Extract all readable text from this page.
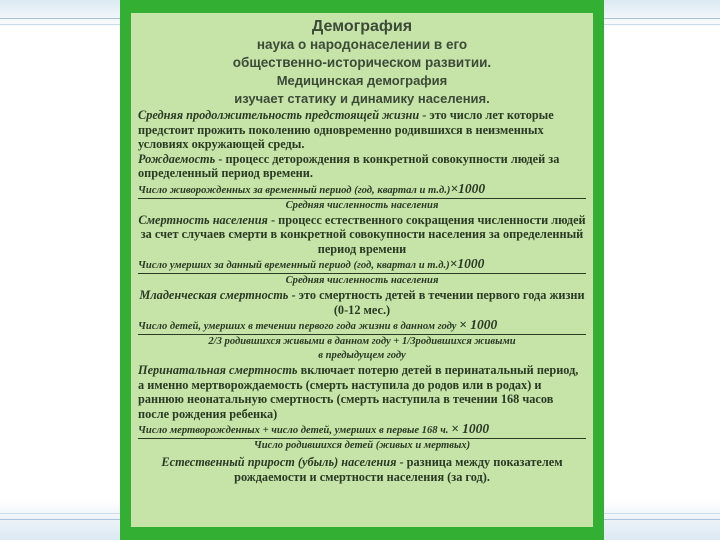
Демография
наука о народонаселении в его
общественно-историческом развитии.
Медицинская демография
изучает статику и динамику населения.

Средняя продолжительность предстоящей жизни - это число лет которые предстоит прожить поколению одновременно родившихся в неизменных условиях окружающей среды.

Рождаемость - процесс деторождения в конкретной совокупности людей за определенный период времени.

Число живорожденных за временный период (год, квартал и т.д.)×1000
Средняя численность населения

Смертность населения - процесс естественного сокращения численности людей за счет случаев смерти в конкретной совокупности населения за определенный период времени

Число умерших за данный временный период (год, квартал и т.д.)×1000
Средняя численность населения

Младенческая смертность - это смертность детей в течении первого года жизни (0-12 мес.)

Число детей, умерших в течении первого года жизни в данном году × 1000
2/3 родившихся живыми в данном году + 1/3родившихся живыми
в предыдущем году

Перинатальная смертность включает потерю детей в перинатальный период, а именно мертворождаемость (смерть наступила до родов или в родах) и раннюю неонатальную смертность (смерть наступила в течении 168 часов после рождения ребенка)

Число мертворожденных + число детей, умерших в первые 168 ч. × 1000
Число родившихся детей (живых и мертвых)

Естественный прирост (убыль) населения - разница между показателем рождаемости и смертности населения (за год).
